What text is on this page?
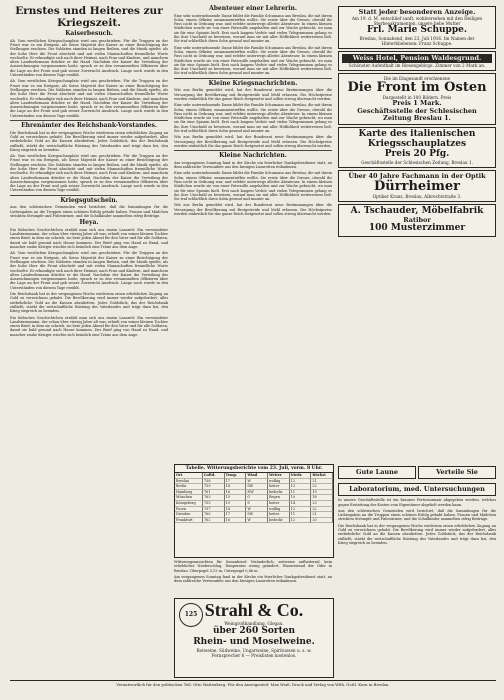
Ernstes und Heiteres zur Kriegszeit.
Kaiserbesuch.

Ah. Vom westlichen Kriegsschauplatz wird uns geschrieben: Für die Truppen an der Front war es ein Ereignis, als Seine Majestät der Kaiser zu einer Besichtigung der Stellungen erschien. Die Soldaten standen in langen Reihen, und die Musik spielte, als der hohe Herr die Front abschritt und mit vielen Mannschaften freundliche Worte wechselte. Er erkundigte sich nach ihrer Heimat, nach Frau und Kindern, und manchem alten Landwehrmann drückte er die Hand. Nachdem der Kaiser die Verteilung der Auszeichnungen vorgenommen hatte, sprach er zu den versammelten Offizieren über die Lage an der Front und gab seiner Zuversicht Ausdruck. Lange noch wurde in den Unterständen von diesem Tage erzählt.

Ah. Vom westlichen Kriegsschauplatz wird uns geschrieben: Für die Truppen an der Front war es ein Ereignis, als Seine Majestät der Kaiser zu einer Besichtigung der Stellungen erschien. Die Soldaten standen in langen Reihen, und die Musik spielte, als der hohe Herr die Front abschritt und mit vielen Mannschaften freundliche Worte wechselte. Er erkundigte sich nach ihrer Heimat, nach Frau und Kindern, und manchem alten Landwehrmann drückte er die Hand. Nachdem der Kaiser die Verteilung der Auszeichnungen vorgenommen hatte, sprach er zu den versammelten Offizieren über die Lage an der Front und gab seiner Zuversicht Ausdruck. Lange noch wurde in den Unterständen von diesem Tage erzählt.

Ehrenämter des Reichsbank-Vorstandes.

Die Reichsbank hat in der vergangenen Woche wiederum einen erheblichen Zugang an Gold zu verzeichnen gehabt. Die Bevölkerung wird immer wieder aufgefordert, alles entbehrliche Gold an die Kassen abzuliefern. Jedes Goldstück, das der Reichsbank zufließt, stärkt die wirtschaftliche Rüstung des Vaterlandes und trägt dazu bei, den Krieg siegreich zu beenden.

Ah. Vom westlichen Kriegsschauplatz wird uns geschrieben: Für die Truppen an der Front war es ein Ereignis, als Seine Majestät der Kaiser zu einer Besichtigung der Stellungen erschien. Die Soldaten standen in langen Reihen, und die Musik spielte, als der hohe Herr die Front abschritt und mit vielen Mannschaften freundliche Worte wechselte. Er erkundigte sich nach ihrer Heimat, nach Frau und Kindern, und manchem alten Landwehrmann drückte er die Hand. Nachdem der Kaiser die Verteilung der Auszeichnungen vorgenommen hatte, sprach er zu den versammelten Offizieren über die Lage an der Front und gab seiner Zuversicht Ausdruck. Lange noch wurde in den Unterständen von diesem Tage erzählt.

Kriegsgutschein.

Aus den schlesischen Gemeinden wird berichtet, daß die Sammlungen für die Liebesgaben an die Truppen einen schönen Erfolg gehabt haben. Frauen und Mädchen strickten Strümpfe und Pulswärmer, und die Schulkinder sammelten eifrig Beiträge.

Heya.

Ein hübsches Geschichtchen erzählt man sich aus einem Lazarett: Ein verwundeter Landsturmmann, der schon über vierzig Jahre alt war, erhielt von seiner kleinen Tochter einen Brief, in dem sie schrieb, sie bete jeden Abend für den Vater und für alle Soldaten, damit sie bald gesund nach Hause kommen. Der Brief ging von Hand zu Hand, und mancher rauhe Krieger wischte sich heimlich eine Träne aus dem Auge.

Ah. Vom westlichen Kriegsschauplatz wird uns geschrieben: Für die Truppen an der Front war es ein Ereignis, als Seine Majestät der Kaiser zu einer Besichtigung der Stellungen erschien. Die Soldaten standen in langen Reihen, und die Musik spielte, als der hohe Herr die Front abschritt und mit vielen Mannschaften freundliche Worte wechselte. Er erkundigte sich nach ihrer Heimat, nach Frau und Kindern, und manchem alten Landwehrmann drückte er die Hand. Nachdem der Kaiser die Verteilung der Auszeichnungen vorgenommen hatte, sprach er zu den versammelten Offizieren über die Lage an der Front und gab seiner Zuversicht Ausdruck. Lange noch wurde in den Unterständen von diesem Tage erzählt.

Die Reichsbank hat in der vergangenen Woche wiederum einen erheblichen Zugang an Gold zu verzeichnen gehabt. Die Bevölkerung wird immer wieder aufgefordert, alles entbehrliche Gold an die Kassen abzuliefern. Jedes Goldstück, das der Reichsbank zufließt, stärkt die wirtschaftliche Rüstung des Vaterlandes und trägt dazu bei, den Krieg siegreich zu beenden.

Ein hübsches Geschichtchen erzählt man sich aus einem Lazarett: Ein verwundeter Landsturmmann, der schon über vierzig Jahre alt war, erhielt von seiner kleinen Tochter einen Brief, in dem sie schrieb, sie bete jeden Abend für den Vater und für alle Soldaten, damit sie bald gesund nach Hause kommen. Der Brief ging von Hand zu Hand, und mancher rauhe Krieger wischte sich heimlich eine Träne aus dem Auge.

Abenteuer einer Lehrerin.

Eine sehr unternehmende Dame bildet die Familie Schumann aus Breslau, die mit ihrem Sohn, einem Offizier, zusammentreffen wollte. Sie reiste über die Grenze, obwohl ihr Pass nicht in Ordnung war, und erlebte unterwegs allerlei Abenteuer. In einem kleinen Städtchen wurde sie von einer Patrouille angehalten und zur Wache gebracht, wo man sie für eine Spionin hielt. Erst nach langem Verhör und vielen Telegrammen gelang es ihr, ihre Unschuld zu beweisen, worauf man sie mit aller Höflichkeit weiterreisen ließ. Sie traf schließlich ihren Sohn gesund und munter an.

Eine sehr unternehmende Dame bildet die Familie Schumann aus Breslau, die mit ihrem Sohn, einem Offizier, zusammentreffen wollte. Sie reiste über die Grenze, obwohl ihr Pass nicht in Ordnung war, und erlebte unterwegs allerlei Abenteuer. In einem kleinen Städtchen wurde sie von einer Patrouille angehalten und zur Wache gebracht, wo man sie für eine Spionin hielt. Erst nach langem Verhör und vielen Telegrammen gelang es ihr, ihre Unschuld zu beweisen, worauf man sie mit aller Höflichkeit weiterreisen ließ. Sie traf schließlich ihren Sohn gesund und munter an.

Kleine Kriegsnachrichten.

Wie aus Berlin gemeldet wird, hat der Bundesrat neue Bestimmungen über die Versorgung der Bevölkerung mit Brotgetreide und Mehl erlassen. Die Höchstpreise werden einheitlich für das ganze Reich festgesetzt und sollen streng überwacht werden.

Eine sehr unternehmende Dame bildet die Familie Schumann aus Breslau, die mit ihrem Sohn, einem Offizier, zusammentreffen wollte. Sie reiste über die Grenze, obwohl ihr Pass nicht in Ordnung war, und erlebte unterwegs allerlei Abenteuer. In einem kleinen Städtchen wurde sie von einer Patrouille angehalten und zur Wache gebracht, wo man sie für eine Spionin hielt. Erst nach langem Verhör und vielen Telegrammen gelang es ihr, ihre Unschuld zu beweisen, worauf man sie mit aller Höflichkeit weiterreisen ließ. Sie traf schließlich ihren Sohn gesund und munter an.

Wie aus Berlin gemeldet wird, hat der Bundesrat neue Bestimmungen über die Versorgung der Bevölkerung mit Brotgetreide und Mehl erlassen. Die Höchstpreise werden einheitlich für das ganze Reich festgesetzt und sollen streng überwacht werden.

Kleine Nachrichten.

Am vergangenen Sonntag fand in der Kirche ein feierlicher Dankgottesdienst statt, an dem zahlreiche Verwundete aus den hiesigen Lazaretten teilnahmen.

Eine sehr unternehmende Dame bildet die Familie Schumann aus Breslau, die mit ihrem Sohn, einem Offizier, zusammentreffen wollte. Sie reiste über die Grenze, obwohl ihr Pass nicht in Ordnung war, und erlebte unterwegs allerlei Abenteuer. In einem kleinen Städtchen wurde sie von einer Patrouille angehalten und zur Wache gebracht, wo man sie für eine Spionin hielt. Erst nach langem Verhör und vielen Telegrammen gelang es ihr, ihre Unschuld zu beweisen, worauf man sie mit aller Höflichkeit weiterreisen ließ. Sie traf schließlich ihren Sohn gesund und munter an.

Wie aus Berlin gemeldet wird, hat der Bundesrat neue Bestimmungen über die Versorgung der Bevölkerung mit Brotgetreide und Mehl erlassen. Die Höchstpreise werden einheitlich für das ganze Reich festgesetzt und sollen streng überwacht werden.

Tabelle. Witterungsberichte vom 23. Juli, vorm. 8 Uhr.
Ort	Luftd.	Temp.	Wind	Wetter	Niedr.	Höchst
Breslau	758	17	W	wolkig	12	21
Berlin	759	18	SW	heiter	13	22
Hamburg	761	16	NW	bedeckt	11	19
München	763	15	O	Regen	10	18
Königsberg	755	19	S	heiter	14	23
Posen	757	18	W	wolkig	12	22
Dresden	760	17	SW	heiter	11	21
Frankfurt	762	16	W	bedeckt	12	20

Witterungsaussichten für Sonnabend: Veränderlich, zeitweise aufheiternd, kein erheblicher Niederschlag, Temperatur wenig geändert. Wasserstand der Oder in Breslau: Oberpegel 5,12 m, Unterpegel 0,86 m.

Am vergangenen Sonntag fand in der Kirche ein feierlicher Dankgottesdienst statt, an dem zahlreiche Verwundete aus den hiesigen Lazaretten teilnahmen.

125 Strahl & Co.
Weingroßhandlung, Glogau.
über 260 Sorten
Rhein- und Moselweine.
Rotweine, Südweine, Ungarweine, Spirituosen u. s. w.
Fernsprecher 6 — Preislisten kostenlos.
Statt jeder besonderen Anzeige.
Am 19. d. M. entschlief sanft, wohlversehen mit den Heiligen Sterbesakramenten, unsere liebe Mutter
Frl. Marie Schuppe.
Breslau, Sonnabend, den 23. Juli 1916. Im Namen der Hinterbliebenen: Franz Schuppe.
Weiss Hotel, Pension Waldesgrund.
Schönster Aufenthalt im Riesengebirge. Zimmer von 2 Mark an.
Die im Eingesandt erschienene
Die Front im Osten
Dargestellt in 100 Bildern. Preis
Preis 1 Mark.
Geschäftsstelle der Schlesischen Zeitung Breslau 1.
Karte des italienischen Kriegsschauplatzes
Preis 20 Pfg.
Geschäftsstelle der Schlesischen Zeitung, Breslau 1.
Über 40 Jahre Fachmann in der Optik
Dürrheimer
Optiker Kranz, Breslau, Albrechtstraße 3.
A. Tschauder, Möbelfabrik
Ratibor
100 Musterzimmer
Gute Laune	Verteile Sie
Laboratorium, med. Untersuchungen

In unsere Geschäftsstelle ist ein braunes Portemonnaie abgegeben worden, welches gegen Erstattung der Kosten vom Eigentümer abgeholt werden kann.

Aus den schlesischen Gemeinden wird berichtet, daß die Sammlungen für die Liebesgaben an die Truppen einen schönen Erfolg gehabt haben. Frauen und Mädchen strickten Strümpfe und Pulswärmer, und die Schulkinder sammelten eifrig Beiträge.

Die Reichsbank hat in der vergangenen Woche wiederum einen erheblichen Zugang an Gold zu verzeichnen gehabt. Die Bevölkerung wird immer wieder aufgefordert, alles entbehrliche Gold an die Kassen abzuliefern. Jedes Goldstück, das der Reichsbank zufließt, stärkt die wirtschaftliche Rüstung des Vaterlandes und trägt dazu bei, den Krieg siegreich zu beenden.

Verantwortlich für den politischen Teil: Otto Wattenberg. Für den Anzeigenteil: Max Weiß. Druck und Verlag von Wilh. Gottl. Korn in Breslau.
